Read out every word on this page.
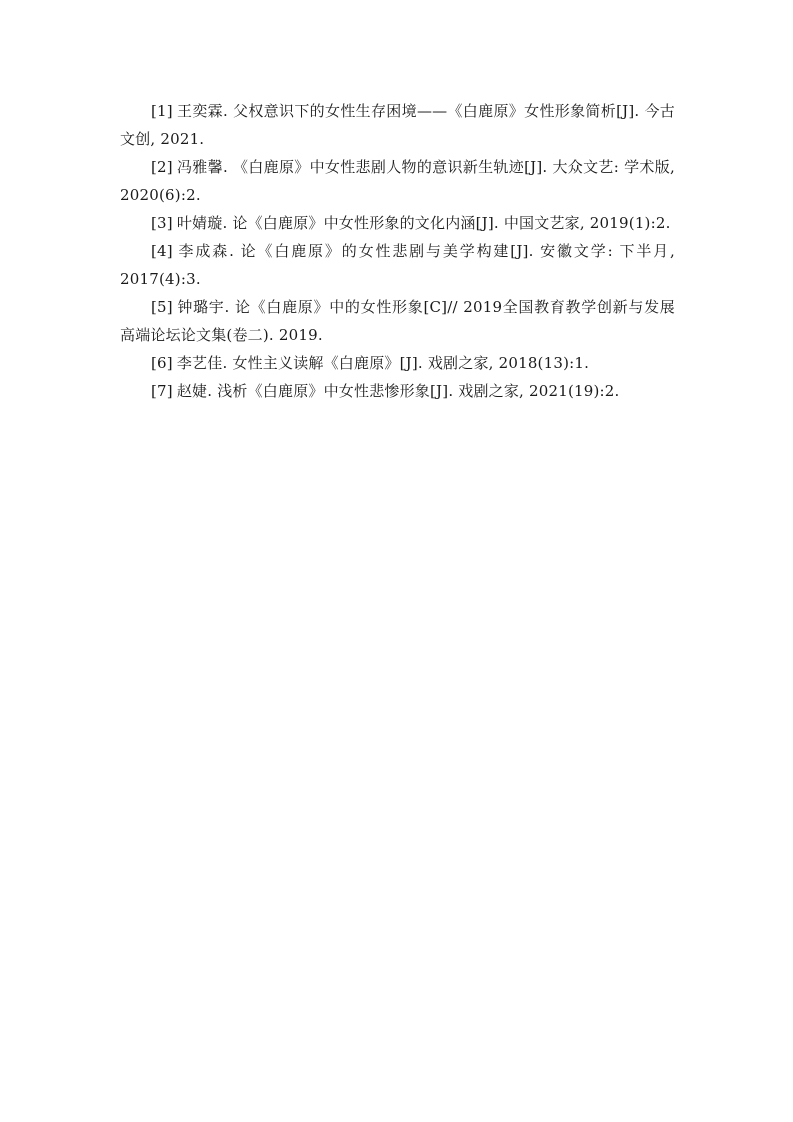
[1] 王奕霖. 父权意识下的女性生存困境——《白鹿原》女性形象简析[J]. 今古文创, 2021.
[2] 冯雅馨. 《白鹿原》中女性悲剧人物的意识新生轨迹[J]. 大众文艺: 学术版, 2020(6):2.
[3] 叶婧璇. 论《白鹿原》中女性形象的文化内涵[J]. 中国文艺家, 2019(1):2.
[4] 李成森. 论《白鹿原》的女性悲剧与美学构建[J]. 安徽文学: 下半月, 2017(4):3.
[5] 钟璐宇. 论《白鹿原》中的女性形象[C]// 2019全国教育教学创新与发展高端论坛论文集(卷二). 2019.
[6] 李艺佳. 女性主义读解《白鹿原》[J]. 戏剧之家, 2018(13):1.
[7] 赵婕. 浅析《白鹿原》中女性悲惨形象[J]. 戏剧之家, 2021(19):2.
